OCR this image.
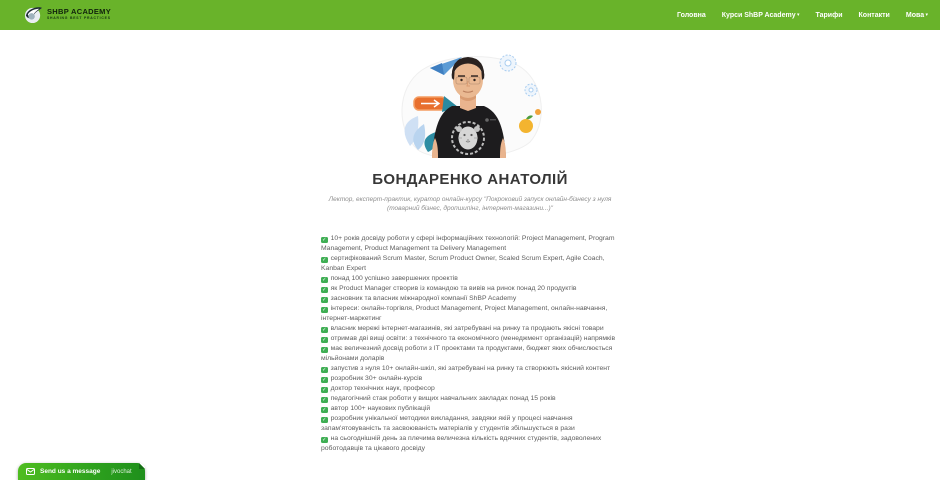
SHBP ACADEMY
SHARING BEST PRACTICES	Головна Курси ShBP Academy ▾ Тарифи Контакти Мова ▾
БОНДАРЕНКО АНАТОЛІЙ

Лектор, експерт-практик, куратор онлайн-курсу "Покроковий запуск онлайн-бізнесу з нуля (товарний бізнес, дропшипінг, інтернет-магазини...)"

✓ 10+ років досвіду роботи у сфері інформаційних технологій: Project Management, Program Management, Product Management та Delivery Management
✓ сертифікований Scrum Master, Scrum Product Owner, Scaled Scrum Expert, Agile Coach, Kanban Expert
✓ понад 100 успішно завершених проектів
✓ як Product Manager створив із командою та вивів на ринок понад 20 продуктів
✓ засновник та власник міжнародної компанії ShBP Academy
✓ інтереси: онлайн-торгівля, Product Management, Project Management, онлайн-навчання, інтернет-маркетинг
✓ власник мережі інтернет-магазинів, які затребувані на ринку та продають якісні товари
✓ отримав дві вищі освіти: з технічного та економічного (менеджмент організацій) напрямків
✓ має величезний досвід роботи з ІТ проектами та продуктами, бюджет яких обчислюється мільйонами доларів
✓ запустив з нуля 10+ онлайн-шкіл, які затребувані на ринку та створюють якісний контент
✓ розробник 30+ онлайн-курсів
✓ доктор технічних наук, професор
✓ педагогічний стаж роботи у вищих навчальних закладах понад 15 років
✓ автор 100+ наукових публікацій
✓ розробник унікальної методики викладання, завдяки якій у процесі навчання запам'ятовуваність та засвоюваність матеріалів у студентів збільшується в рази
✓ на сьогоднішній день за плечима величезна кількість вдячних студентів, задоволених роботодавців та цікавого досвіду
Send us a message jivochat
